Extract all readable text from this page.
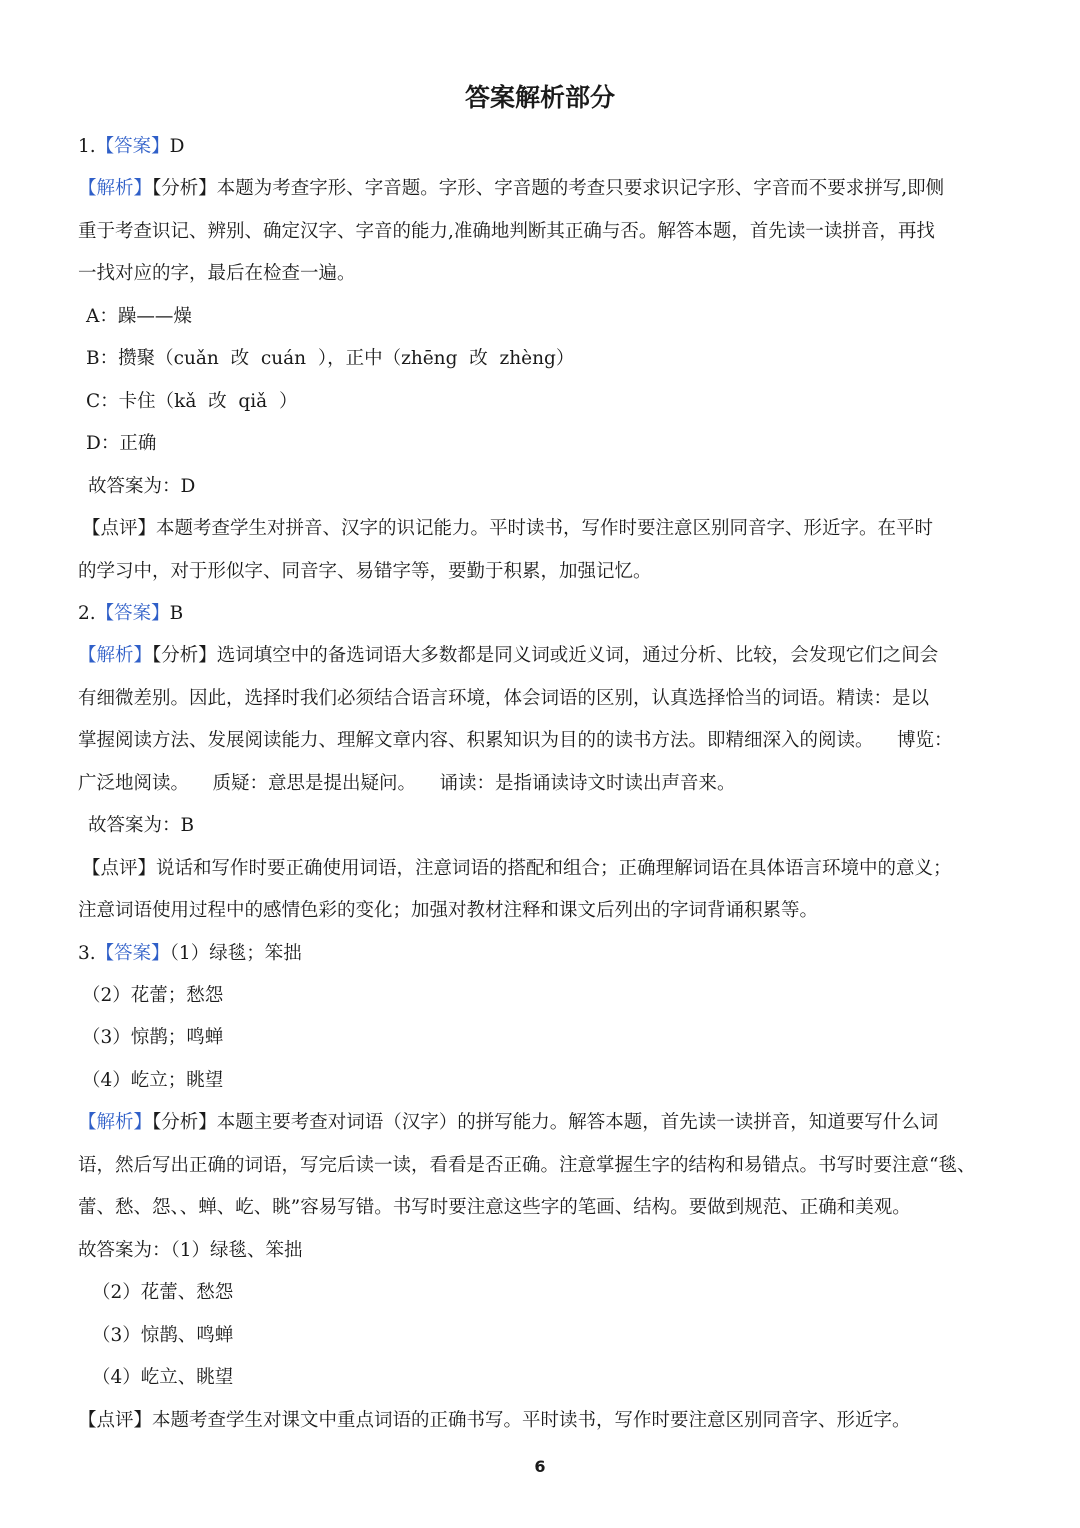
答案解析部分
1.【答案】D
【解析】【分析】本题为考查字形、字音题。字形、字音题的考查只要求识记字形、字音而不要求拼写,即侧
重于考查识记、辨别、确定汉字、字音的能力,准确地判断其正确与否。解答本题，首先读一读拼音，再找
一找对应的字，最后在检查一遍。
A：躁——燥
B：攒聚（cuǎn  改  cuán  ），正中（zhēng  改  zhèng）
C：卡住（kǎ  改  qiǎ  ）
D：正确
故答案为：D
【点评】本题考查学生对拼音、汉字的识记能力。平时读书，写作时要注意区别同音字、形近字。在平时
的学习中，对于形似字、同音字、易错字等，要勤于积累，加强记忆。
2.【答案】B
【解析】【分析】选词填空中的备选词语大多数都是同义词或近义词，通过分析、比较，会发现它们之间会
有细微差别。因此，选择时我们必须结合语言环境，体会词语的区别，认真选择恰当的词语。精读：是以
掌握阅读方法、发展阅读能力、理解文章内容、积累知识为目的的读书方法。即精细深入的阅读。    博览：
广泛地阅读。    质疑：意思是提出疑问。    诵读：是指诵读诗文时读出声音来。
故答案为：B
【点评】说话和写作时要正确使用词语，注意词语的搭配和组合；正确理解词语在具体语言环境中的意义；
注意词语使用过程中的感情色彩的变化；加强对教材注释和课文后列出的字词背诵积累等。
3.【答案】（1）绿毯；笨拙
（2）花蕾；愁怨
（3）惊鹊；鸣蝉
（4）屹立；眺望
【解析】【分析】本题主要考查对词语（汉字）的拼写能力。解答本题，首先读一读拼音，知道要写什么词
语，然后写出正确的词语，写完后读一读，看看是否正确。注意掌握生字的结构和易错点。书写时要注意“毯、
蕾、愁、怨、、蝉、屹、眺”容易写错。书写时要注意这些字的笔画、结构。要做到规范、正确和美观。
故答案为：（1）绿毯、笨拙
（2）花蕾、愁怨
（3）惊鹊、鸣蝉
（4）屹立、眺望
【点评】本题考查学生对课文中重点词语的正确书写。平时读书，写作时要注意区别同音字、形近字。
6
